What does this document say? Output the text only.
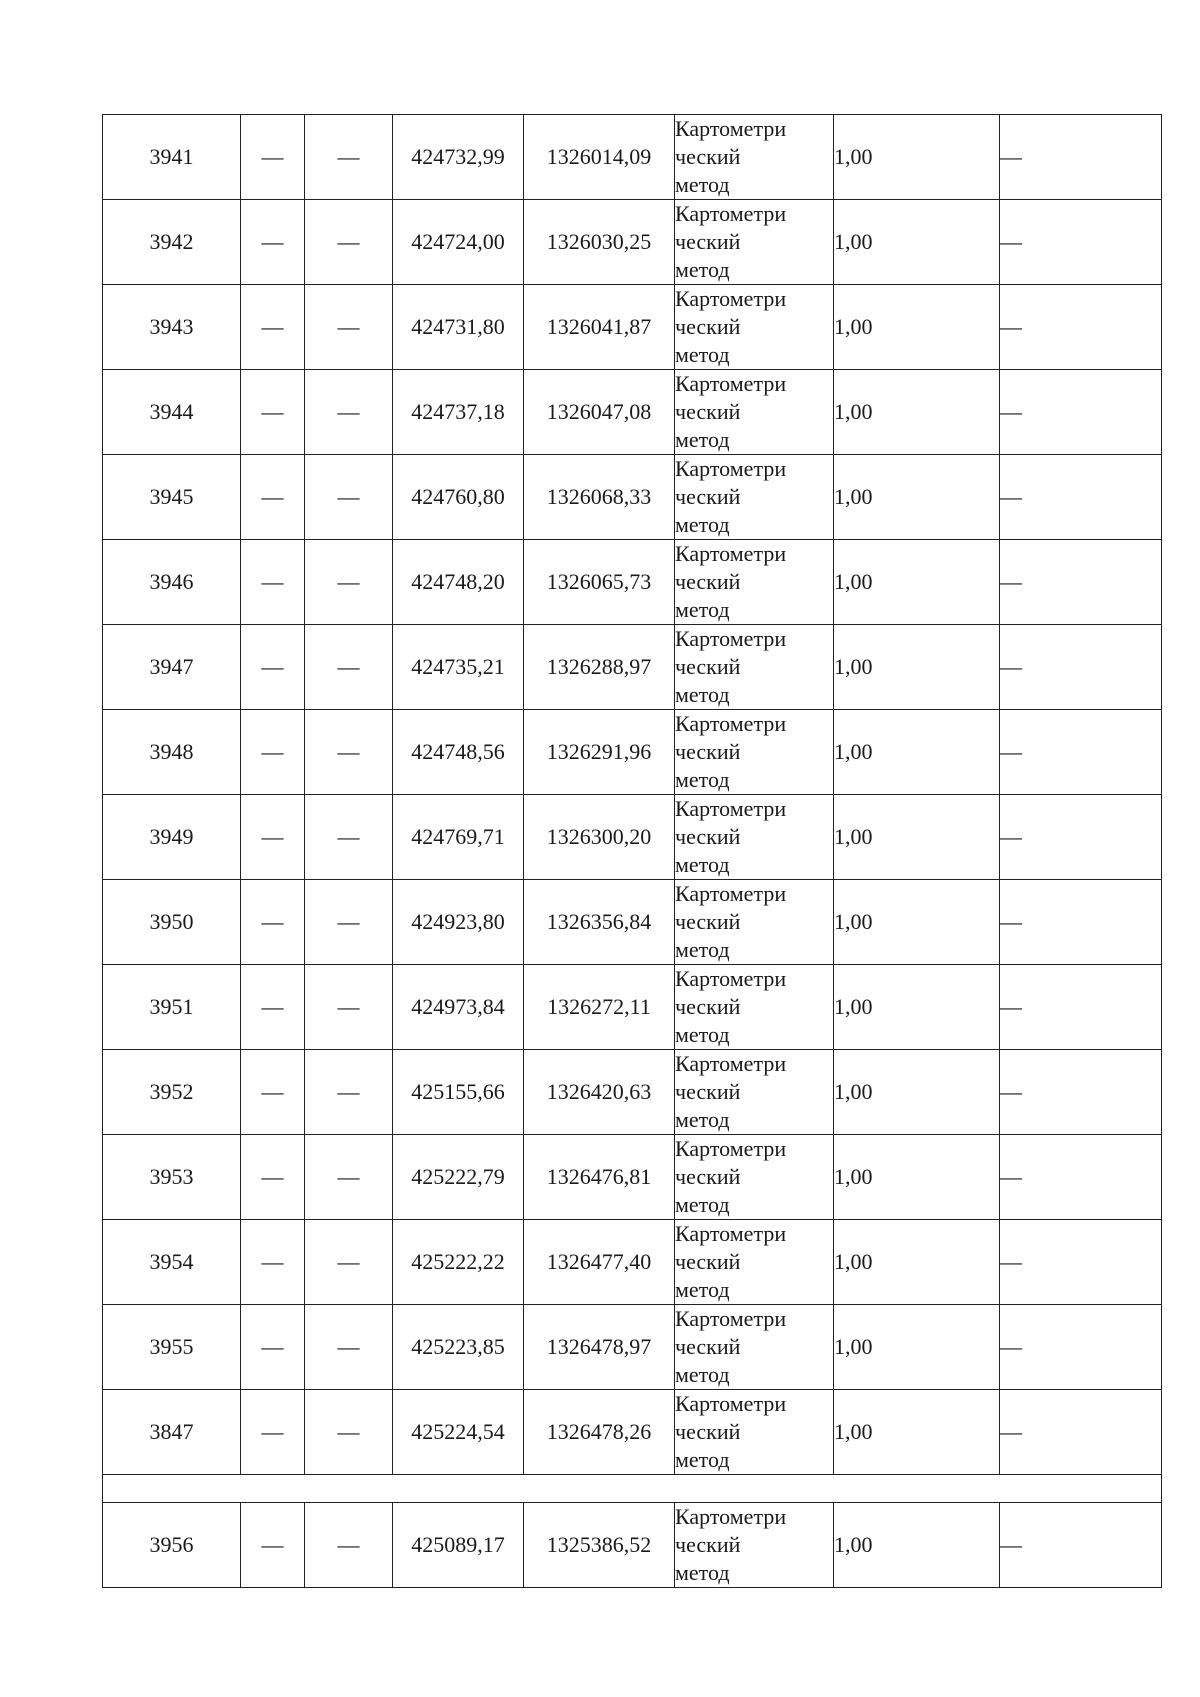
3941	—	—	424732,99	1326014,09	Картометри
ческий
метод	1,00	—
3942	—	—	424724,00	1326030,25	Картометри
ческий
метод	1,00	—
3943	—	—	424731,80	1326041,87	Картометри
ческий
метод	1,00	—
3944	—	—	424737,18	1326047,08	Картометри
ческий
метод	1,00	—
3945	—	—	424760,80	1326068,33	Картометри
ческий
метод	1,00	—
3946	—	—	424748,20	1326065,73	Картометри
ческий
метод	1,00	—
3947	—	—	424735,21	1326288,97	Картометри
ческий
метод	1,00	—
3948	—	—	424748,56	1326291,96	Картометри
ческий
метод	1,00	—
3949	—	—	424769,71	1326300,20	Картометри
ческий
метод	1,00	—
3950	—	—	424923,80	1326356,84	Картометри
ческий
метод	1,00	—
3951	—	—	424973,84	1326272,11	Картометри
ческий
метод	1,00	—
3952	—	—	425155,66	1326420,63	Картометри
ческий
метод	1,00	—
3953	—	—	425222,79	1326476,81	Картометри
ческий
метод	1,00	—
3954	—	—	425222,22	1326477,40	Картометри
ческий
метод	1,00	—
3955	—	—	425223,85	1326478,97	Картометри
ческий
метод	1,00	—
3847	—	—	425224,54	1326478,26	Картометри
ческий
метод	1,00	—

3956	—	—	425089,17	1325386,52	Картометри
ческий
метод	1,00	—
